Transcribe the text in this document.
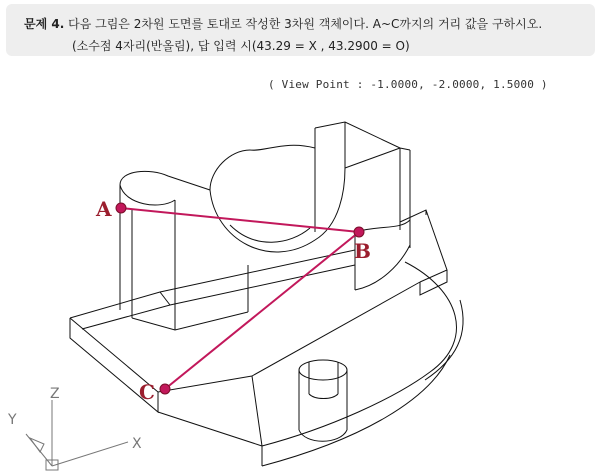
문제 4. 다음 그림은 2차원 도면를 토대로 작성한 3차원 객체이다. A~C까지의 거리 값을 구하시오.
(소수점 4자리(반올림), 답 입력 시(43.29 = X , 43.2900 = O)
( View Point : -1.0000, -2.0000, 1.5000 )
A
B
C
Z
X
Y
